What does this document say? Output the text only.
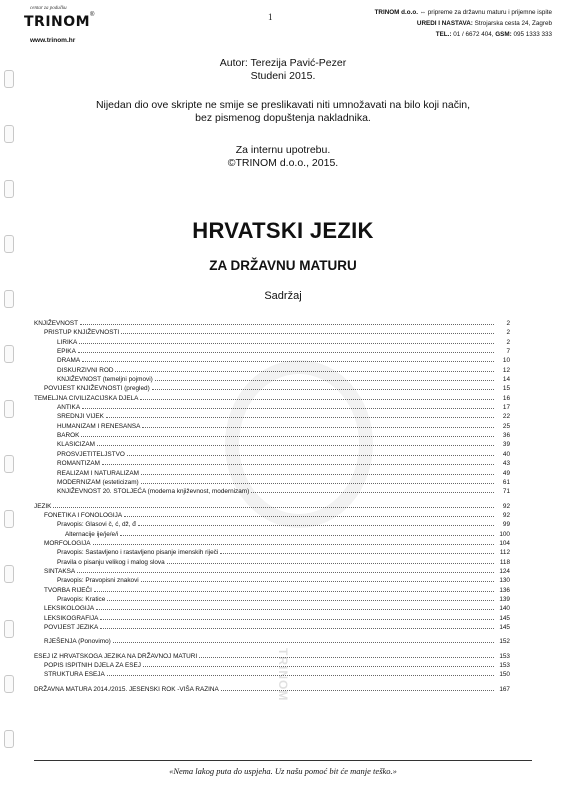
centar za podučku
TRINOM ®
www.trinom.hr
1	TRINOM d.o.o. ⇔ pripreme za državnu maturu i prijemne ispite
UREDI I NASTAVA: Strojarska cesta 24, Zagreb
TEL.: 01 / 6672 404, GSM: 095 1333 333
Autor: Terezija Pavić-Pezer
Studeni 2015.
Nijedan dio ove skripte ne smije se preslikavati niti umnožavati na bilo koji način,
bez pismenog dopuštenja nakladnika.
Za internu upotrebu.
©TRINOM d.o.o., 2015.
TRINOM
HRVATSKI JEZIK
ZA DRŽAVNU MATURU
Sadržaj
KNJIŽEVNOST	2
PRISTUP KNJIŽEVNOSTI	2
LIRIKA	2
EPIKA	7
DRAMA	10
DISKURZIVNI ROD	12
KNJIŽEVNOST (temeljni pojmovi)	14
POVIJEST KNJIŽEVNOSTI (pregled)	15
TEMELJNA CIVILIZACIJSKA DJELA	16
ANTIKA	17
SREDNJI VIJEK	22
HUMANIZAM I RENESANSA	25
BAROK	36
KLASICIZAM	39
PROSVJETITELJSTVO	40
ROMANTIZAM	43
REALIZAM I NATURALIZAM	49
MODERNIZAM (esteticizam)	61
KNJIŽEVNOST 20. STOLJEĆA (moderna književnost, modernizam)	71
JEZIK	92
FONETIKA I FONOLOGIJA	92
Pravopis: Glasovi č, ć, dž, đ	99
Alternacije ije/je/e/i	100
MORFOLOGIJA	104
Pravopis: Sastavljeno i rastavljeno pisanje imenskih riječi	112
Pravila o pisanju velikog i malog slova	118
SINTAKSA	124
Pravopis: Pravopisni znakovi	130
TVORBA RIJEČI	136
Pravopis: Kratice	139
LEKSIKOLOGIJA	140
LEKSIKOGRAFIJA	145
POVIJEST JEZIKA	145
RJEŠENJA (Ponovimo)	152
ESEJ IZ HRVATSKOGA JEZIKA NA DRŽAVNOJ MATURI	153
POPIS ISPITNIH DJELA ZA ESEJ	153
STRUKTURA ESEJA	150
DRŽAVNA MATURA 2014./2015. JESENSKI ROK -VIŠA RAZINA	167
«Nema lakog puta do uspjeha. Uz našu pomoć bit će manje teško.»
